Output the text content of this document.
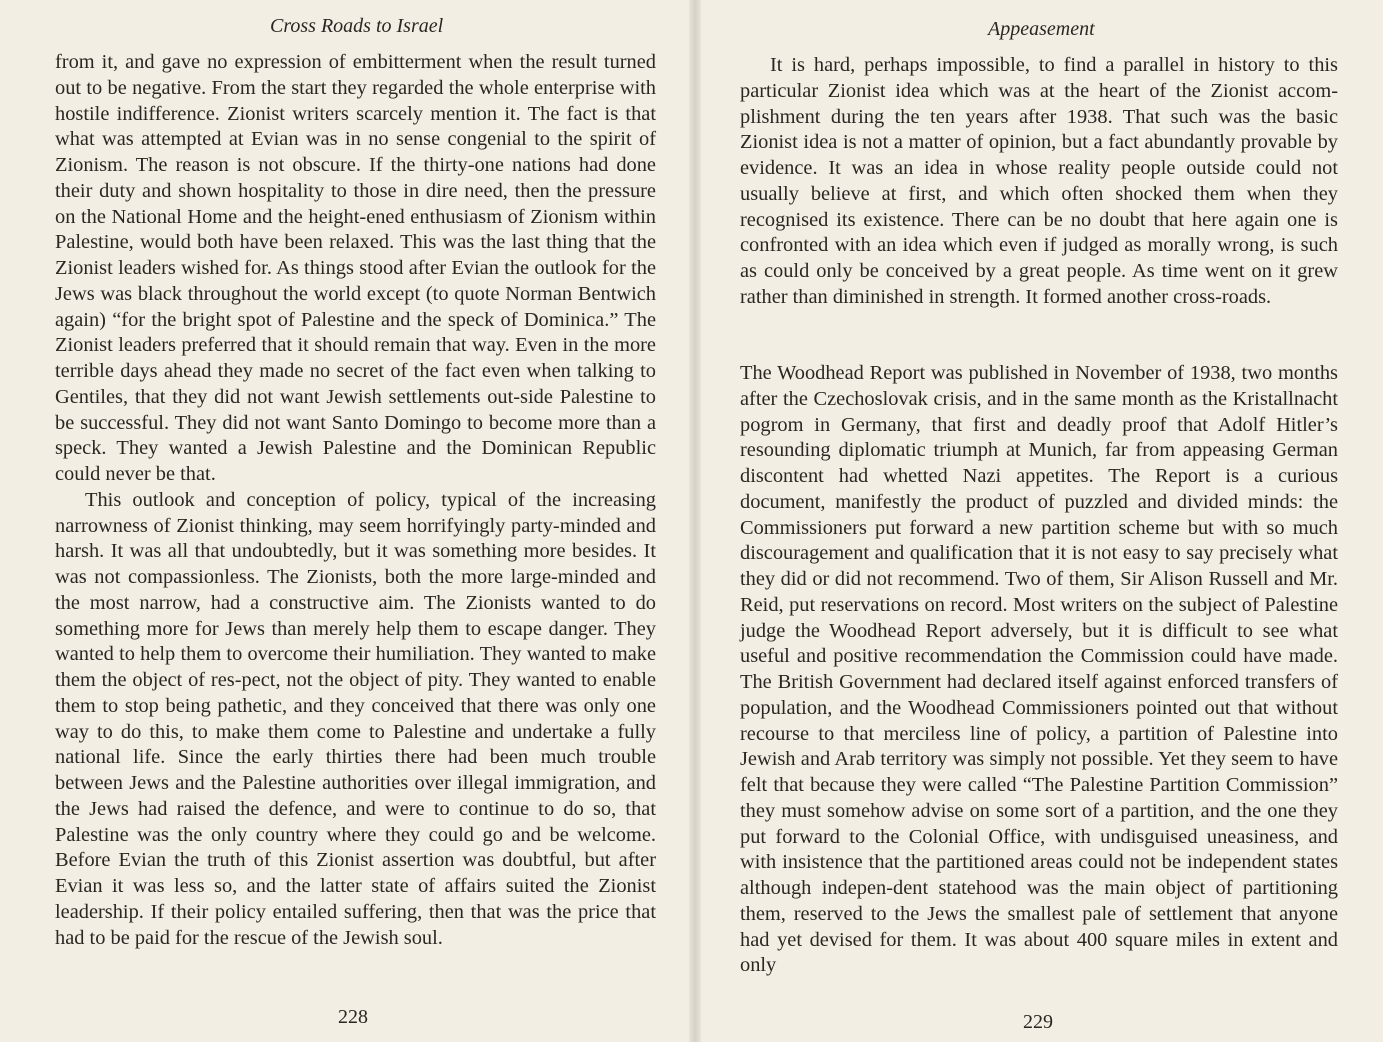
Cross Roads to Israel

from it, and gave no expression of embitterment when the result turned out to be negative. From the start they regarded the whole enterprise with hostile indifference. Zionist writers scarcely mention it. The fact is that what was attempted at Evian was in no sense congenial to the spirit of Zionism. The reason is not obscure. If the thirty-one nations had done their duty and shown hospitality to those in dire need, then the pressure on the National Home and the height-ened enthusiasm of Zionism within Palestine, would both have been relaxed. This was the last thing that the Zionist leaders wished for. As things stood after Evian the outlook for the Jews was black throughout the world except (to quote Norman Bentwich again) “for the bright spot of Palestine and the speck of Dominica.” The Zionist leaders preferred that it should remain that way. Even in the more terrible days ahead they made no secret of the fact even when talking to Gentiles, that they did not want Jewish settlements out-side Palestine to be successful. They did not want Santo Domingo to become more than a speck. They wanted a Jewish Palestine and the Dominican Republic could never be that.

This outlook and conception of policy, typical of the increasing narrowness of Zionist thinking, may seem horrifyingly party-minded and harsh. It was all that undoubtedly, but it was something more besides. It was not compassionless. The Zionists, both the more large-minded and the most narrow, had a constructive aim. The Zionists wanted to do something more for Jews than merely help them to escape danger. They wanted to help them to overcome their humiliation. They wanted to make them the object of res-pect, not the object of pity. They wanted to enable them to stop being pathetic, and they conceived that there was only one way to do this, to make them come to Palestine and undertake a fully national life. Since the early thirties there had been much trouble between Jews and the Palestine authorities over illegal immigration, and the Jews had raised the defence, and were to continue to do so, that Palestine was the only country where they could go and be welcome. Before Evian the truth of this Zionist assertion was doubtful, but after Evian it was less so, and the latter state of affairs suited the Zionist leadership. If their policy entailed suffering, then that was the price that had to be paid for the rescue of the Jewish soul.

228
Appeasement

It is hard, perhaps impossible, to find a parallel in history to this particular Zionist idea which was at the heart of the Zionist accom-plishment during the ten years after 1938. That such was the basic Zionist idea is not a matter of opinion, but a fact abundantly provable by evidence. It was an idea in whose reality people outside could not usually believe at first, and which often shocked them when they recognised its existence. There can be no doubt that here again one is confronted with an idea which even if judged as morally wrong, is such as could only be conceived by a great people. As time went on it grew rather than diminished in strength. It formed another cross-roads.

The Woodhead Report was published in November of 1938, two months after the Czechoslovak crisis, and in the same month as the Kristallnacht pogrom in Germany, that first and deadly proof that Adolf Hitler’s resounding diplomatic triumph at Munich, far from appeasing German discontent had whetted Nazi appetites. The Report is a curious document, manifestly the product of puzzled and divided minds: the Commissioners put forward a new partition scheme but with so much discouragement and qualification that it is not easy to say precisely what they did or did not recommend. Two of them, Sir Alison Russell and Mr. Reid, put reservations on record. Most writers on the subject of Palestine judge the Woodhead Report adversely, but it is difficult to see what useful and positive recommendation the Commission could have made. The British Government had declared itself against enforced transfers of population, and the Woodhead Commissioners pointed out that without recourse to that merciless line of policy, a partition of Palestine into Jewish and Arab territory was simply not possible. Yet they seem to have felt that because they were called “The Palestine Partition Commission” they must somehow advise on some sort of a partition, and the one they put forward to the Colonial Office, with undisguised uneasiness, and with insistence that the partitioned areas could not be independent states although indepen-dent statehood was the main object of partitioning them, reserved to the Jews the smallest pale of settlement that anyone had yet devised for them. It was about 400 square miles in extent and only

229
